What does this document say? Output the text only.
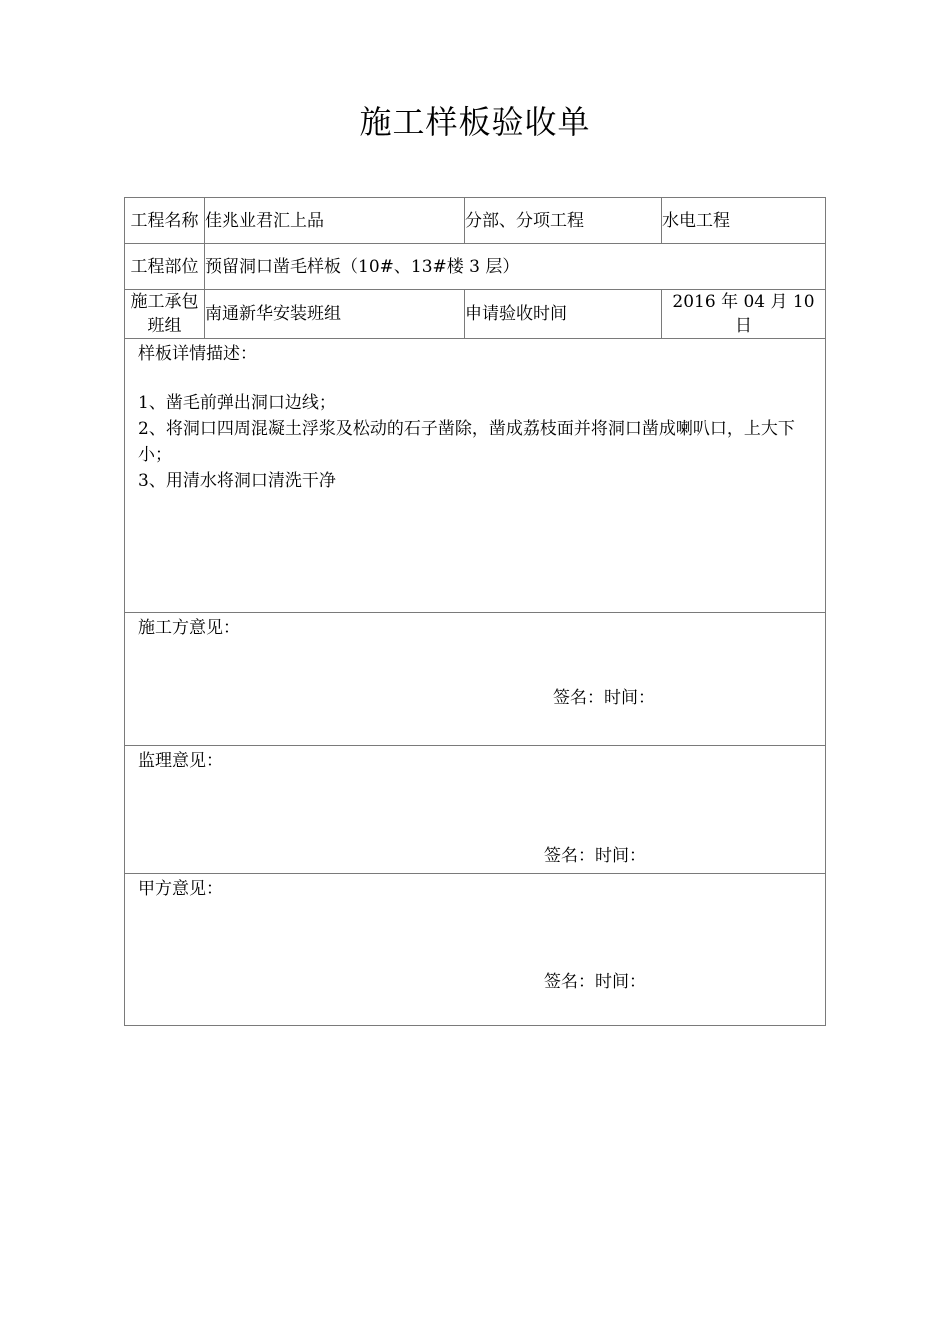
施工样板验收单
工程名称	佳兆业君汇上品	分部、分项工程	水电工程
工程部位	预留洞口凿毛样板（10#、13#楼 3 层）		
施工承包班组	南通新华安装班组	申请验收时间	2016 年 04 月 10 日

样板详情描述：
1、凿毛前弹出洞口边线；
2、将洞口四周混凝土浮浆及松动的石子凿除，凿成荔枝面并将洞口凿成喇叭口，上大下小；
3、用清水将洞口清洗干净			

施工方意见：
签名：时间：			

监理意见：
签名：时间：			

甲方意见：
签名：时间：			
